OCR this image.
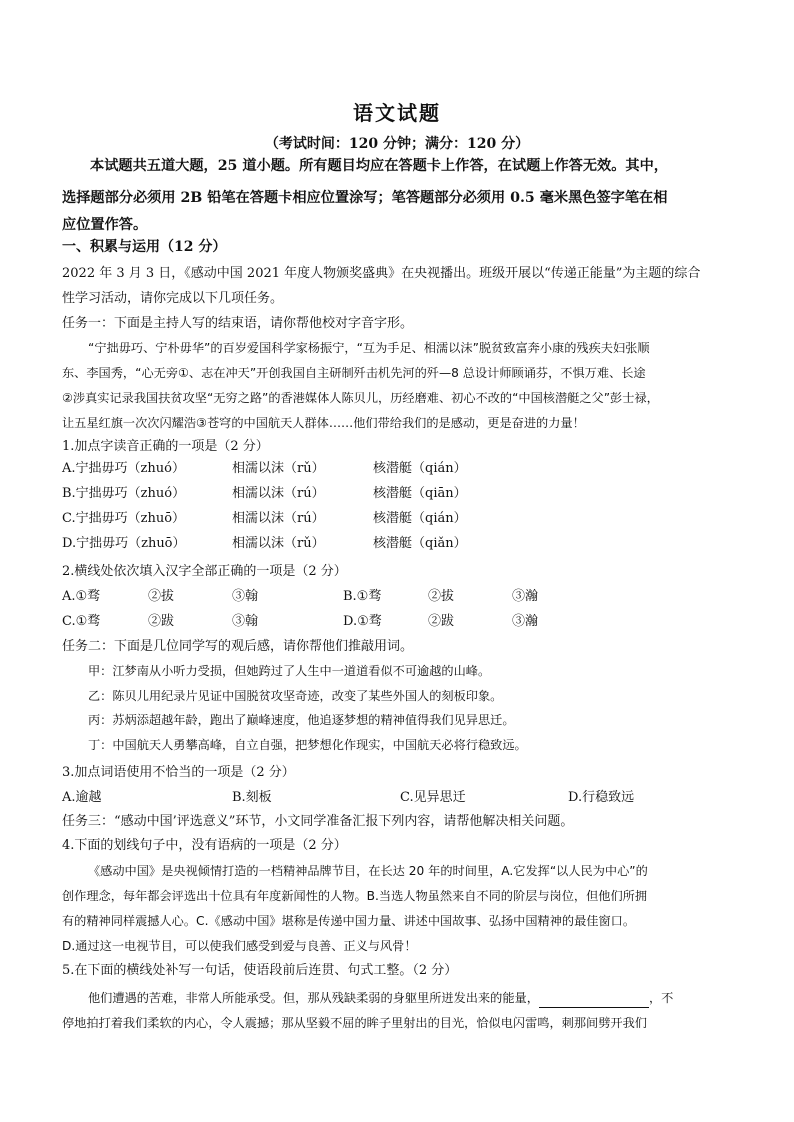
语文试题
（考试时间：120 分钟；满分：120 分）
本试题共五道大题，25 道小题。所有题目均应在答题卡上作答，在试题上作答无效。其中，
选择题部分必须用 2B 铅笔在答题卡相应位置涂写；笔答题部分必须用 0.5 毫米黑色签字笔在相
应位置作答。
一、积累与运用（12 分）
2022 年 3 月 3 日，《感动中国 2021 年度人物颁奖盛典》在央视播出。班级开展以“传递正能量”为主题的综合
性学习活动，请你完成以下几项任务。
任务一：下面是主持人写的结束语，请你帮他校对字音字形。
“宁拙毋巧、宁朴毋华”的百岁爱国科学家杨振宁，“互为手足、相濡以沫”脱贫致富奔小康的残疾夫妇张顺
东、李国秀，“心无旁①、志在冲天”开创我国自主研制歼击机先河的歼—8 总设计师顾诵芬，不惧万难、长途
②涉真实记录我国扶贫攻坚“无穷之路”的香港媒体人陈贝儿，历经磨难、初心不改的“中国核潜艇之父”彭士禄，
让五星红旗一次次闪耀浩③苍穹的中国航天人群体……他们带给我们的是感动，更是奋进的力量！
1.加点字读音正确的一项是（2 分）
A.宁拙毋巧（zhuó）	相濡以沫（rǔ）	核潜艇（qián）
B.宁拙毋巧（zhuó）	相濡以沫（rú）	核潜艇（qiān）
C.宁拙毋巧（zhuō）	相濡以沫（rú）	核潜艇（qián）
D.宁拙毋巧（zhuō）	相濡以沫（rǔ）	核潜艇（qiǎn）
2.横线处依次填入汉字全部正确的一项是（2 分）
A.①骛	②拔	③翰	B.①骛	②拔	③瀚
C.①骛	②跋	③翰	D.①骛	②跋	③瀚
任务二：下面是几位同学写的观后感，请你帮他们推敲用词。
甲：江梦南从小听力受损，但她跨过了人生中一道道看似不可逾越的山峰。
乙：陈贝儿用纪录片见证中国脱贫攻坚奇迹，改变了某些外国人的刻板印象。
丙：苏炳添超越年龄，跑出了巅峰速度，他追逐梦想的精神值得我们见异思迁。
丁：中国航天人勇攀高峰，自立自强，把梦想化作现实，中国航天必将行稳致远。
3.加点词语使用不恰当的一项是（2 分）
A.逾越	B.刻板	C.见异思迁	D.行稳致远
任务三：“感动中国’评选意义”环节，小文同学准备汇报下列内容，请帮他解决相关问题。
4.下面的划线句子中，没有语病的一项是（2 分）
《感动中国》是央视倾情打造的一档精神品牌节目，在长达 20 年的时间里，A.它发挥“以人民为中心”的
创作理念，每年都会评选出十位具有年度新闻性的人物。B.当选人物虽然来自不同的阶层与岗位，但他们所拥
有的精神同样震撼人心。C.《感动中国》堪称是传递中国力量、讲述中国故事、弘扬中国精神的最佳窗口。
D.通过这一电视节目，可以使我们感受到爱与良善、正义与风骨！
5.在下面的横线处补写一句话，使语段前后连贯、句式工整。（2 分）
他们遭遇的苦难，非常人所能承受。但，那从残缺柔弱的身躯里所迸发出来的能量，	，不
停地拍打着我们柔软的内心，令人震撼；那从坚毅不屈的眸子里射出的目光，恰似电闪雷鸣，刺那间劈开我们
